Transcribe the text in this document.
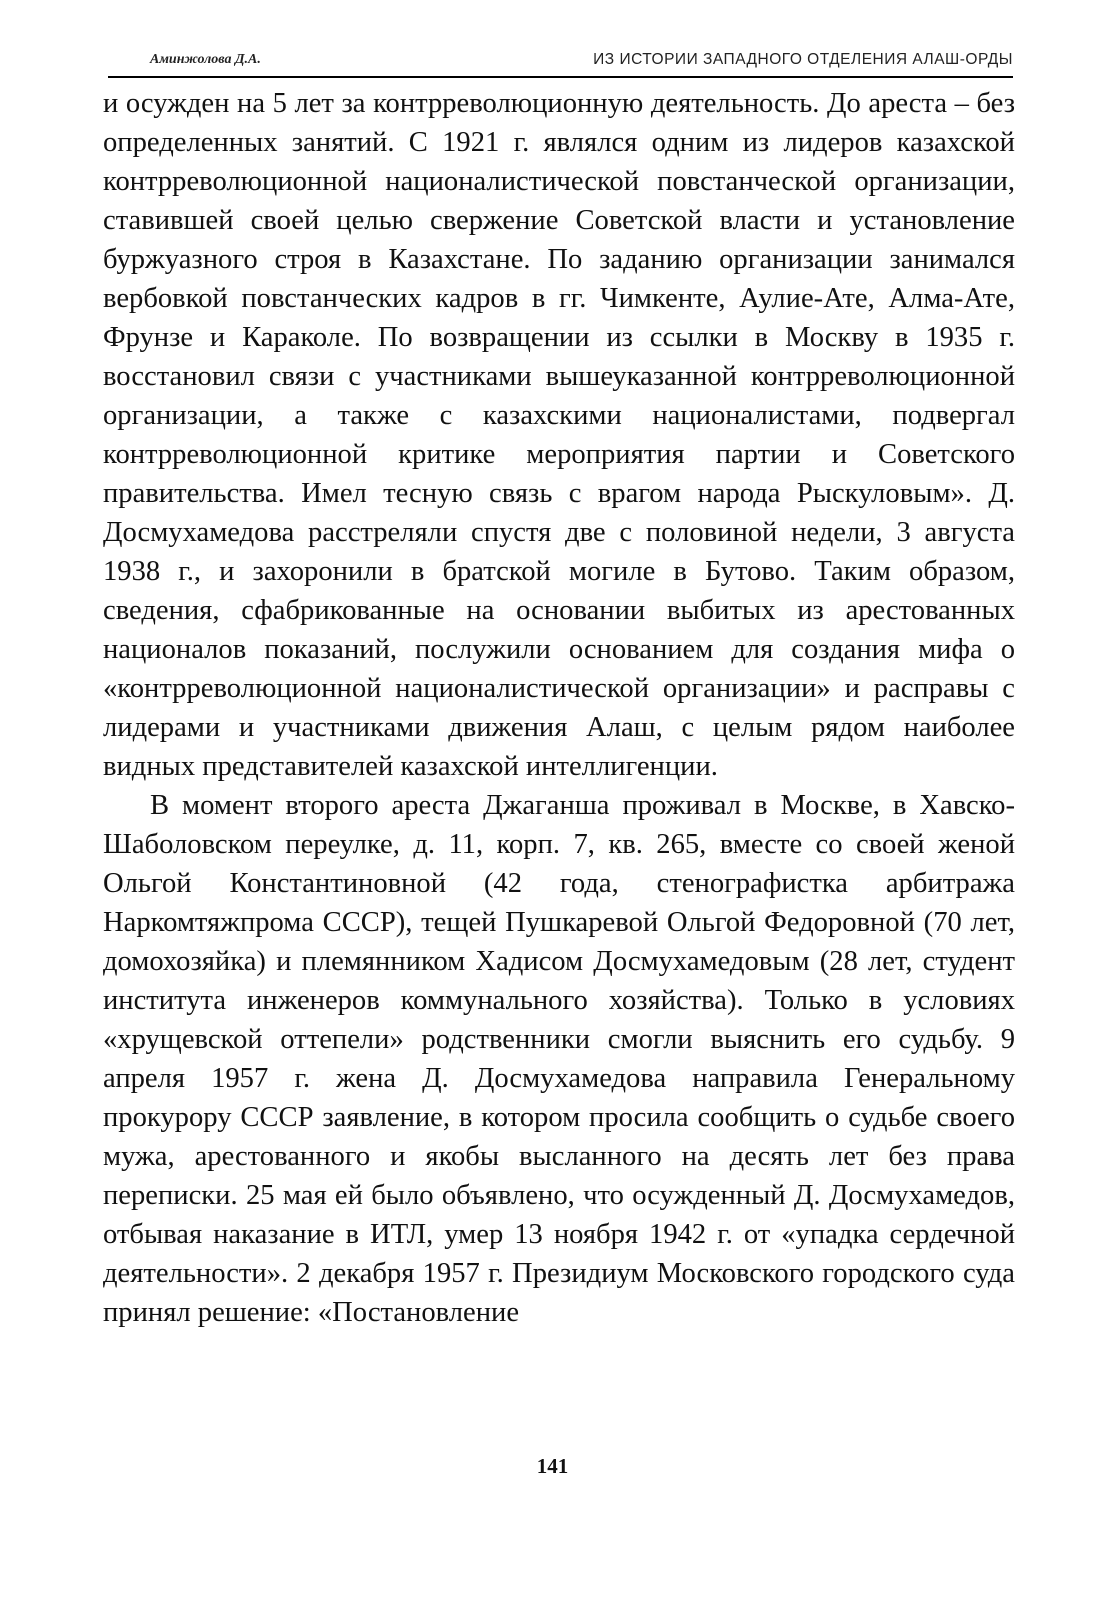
Аминжолова Д.А.	ИЗ ИСТОРИИ ЗАПАДНОГО ОТДЕЛЕНИЯ АЛАШ-ОРДЫ

и осужден на 5 лет за контрреволюционную деятельность. До ареста – без определенных занятий. С 1921 г. являлся одним из лидеров казахской контрреволюционной националистической повстанческой организации, ставившей своей целью свержение Советской власти и установление буржуазного строя в Казахстане. По заданию организации занимался вербовкой повстанческих кадров в гг. Чимкенте, Аулие-Ате, Алма-Ате, Фрунзе и Караколе. По возвращении из ссылки в Москву в 1935 г. восстановил связи с участниками вышеуказанной контрреволюционной организации, а также с казахскими националистами, подвергал контрреволюционной критике мероприятия партии и Советского правительства. Имел тесную связь с врагом народа Рыскуловым». Д. Досмухамедова расстреляли спустя две с половиной недели, 3 августа 1938 г., и захоронили в братской могиле в Бутово. Таким образом, сведения, сфабрикованные на основании выбитых из арестованных националов показаний, послужили основанием для создания мифа о «контрреволюционной националистической организации» и расправы с лидерами и участниками движения Алаш, с целым рядом наиболее видных представителей казахской интеллигенции.

В момент второго ареста Джаганша проживал в Москве, в Хавско-Шаболовском переулке, д. 11, корп. 7, кв. 265, вместе со своей женой Ольгой Константиновной (42 года, стенографистка арбитража Наркомтяжпрома СССР), тещей Пушкаревой Ольгой Федоровной (70 лет, домохозяйка) и племянником Хадисом Досмухамедовым (28 лет, студент института инженеров коммунального хозяйства). Только в условиях «хрущевской оттепели» родственники смогли выяснить его судьбу. 9 апреля 1957 г. жена Д. Досмухамедова направила Генеральному прокурору СССР заявление, в котором просила сообщить о судьбе своего мужа, арестованного и якобы высланного на десять лет без права переписки. 25 мая ей было объявлено, что осужденный Д. Досмухамедов, отбывая наказание в ИТЛ, умер 13 ноября 1942 г. от «упадка сердечной деятельности». 2 декабря 1957 г. Президиум Московского городского суда принял решение: «Постановление

141
